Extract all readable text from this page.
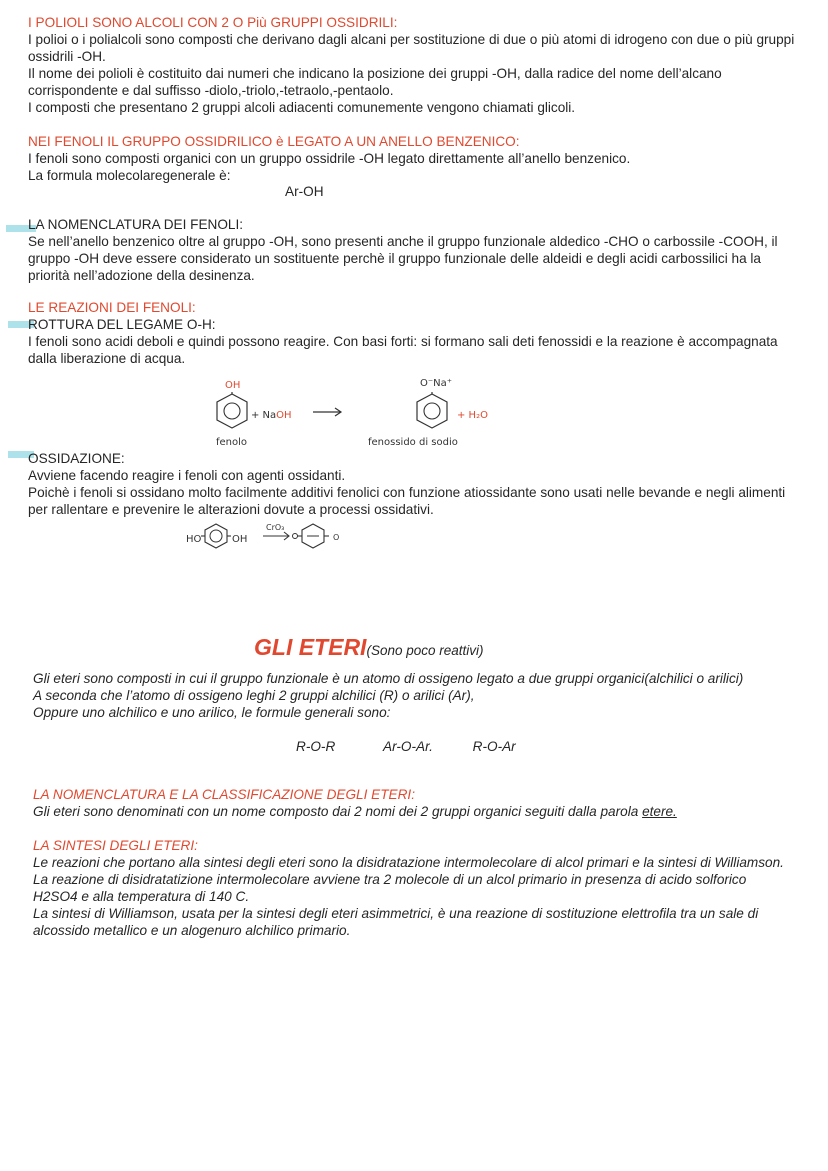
I POLIOLI SONO ALCOLI CON 2 O Più GRUPPI OSSIDRILI:

I polioi o i polialcoli sono composti che derivano dagli alcani per sostituzione di due o più atomi di idrogeno con due o più gruppi ossidrili -OH.

Il nome dei polioli è costituito dai numeri che indicano la posizione dei gruppi -OH, dalla radice del nome dell’alcano corrispondente e dal suffisso -diolo,-triolo,-tetraolo,-pentaolo.

I composti che presentano 2 gruppi alcoli adiacenti comunemente vengono chiamati glicoli.

NEI FENOLI IL GRUPPO OSSIDRILICO è LEGATO A UN ANELLO BENZENICO:

I fenoli sono composti organici con un gruppo ossidrile -OH legato direttamente all’anello benzenico.

La formula molecolaregenerale è:

Ar-OH

LA NOMENCLATURA DEI FENOLI:

Se nell’anello benzenico oltre al gruppo -OH, sono presenti anche il gruppo funzionale aldedico -CHO o carbossile -COOH, il gruppo -OH deve essere considerato un sostituente perchè il gruppo funzionale delle aldeidi e degli acidi carbossilici ha la priorità nell’adozione della desinenza.

LE REAZIONI DEI FENOLI:

ROTTURA DEL LEGAME O-H:

I fenoli sono acidi deboli e quindi possono reagire. Con basi forti: si formano sali deti fenossidi e la reazione è accompagnata dalla liberazione di acqua.

OH
+ NaOH
fenolo
O⁻Na⁺
+ H₂O
fenossido di sodio

OSSIDAZIONE:

Avviene facendo reagire i fenoli con agenti ossidanti.

Poichè i fenoli si ossidano molto facilmente additivi fenolici con funzione atiossidante sono usati nelle bevande e negli alimenti per rallentare e prevenire le alterazioni dovute a processi ossidativi.

HO	OH
CrO₃
O
GLI ETERI(Sono poco reattivi)

Gli eteri sono composti in cui il gruppo funzionale è un atomo di ossigeno legato a due gruppi organici(alchilici o arilici)

A seconda che l’atomo di ossigeno leghi 2 gruppi alchilici (R) o arilici (Ar),

Oppure uno alchilico e uno arilico, le formule generali sono:

R-O-R	Ar-O-Ar.	R-O-Ar

LA NOMENCLATURA E LA CLASSIFICAZIONE DEGLI ETERI:

Gli eteri sono denominati con un nome composto dai 2 nomi dei 2 gruppi organici seguiti dalla parola etere.

LA SINTESI DEGLI ETERI:

Le reazioni che portano alla sintesi degli eteri sono la disidratazione intermolecolare di alcol primari e la sintesi di Williamson.

La reazione di disidratatizione intermolecolare avviene tra 2 molecole di un alcol primario in presenza di acido solforico H2SO4 e alla temperatura di 140 C.

La sintesi di Williamson, usata per la sintesi degli eteri asimmetrici, è una reazione di sostituzione elettrofila tra un sale di alcossido metallico e un alogenuro alchilico primario.
